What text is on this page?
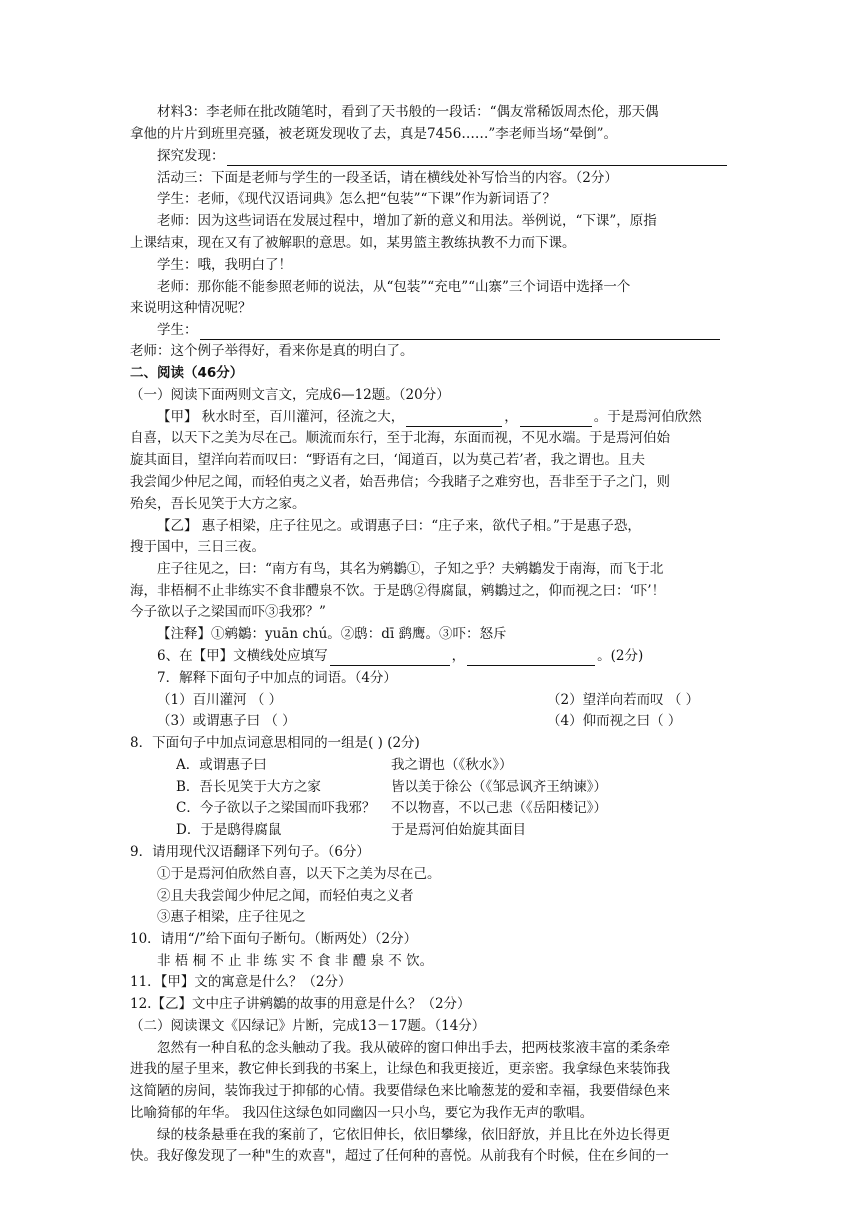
材料3：李老师在批改随笔时，看到了天书般的一段话：“偶友常稀饭周杰伦，那天偶
拿他的片片到班里亮骚，被老斑发现收了去，真是7456……”李老师当场“晕倒”。
探究发现：
活动三：下面是老师与学生的一段圣话，请在横线处补写恰当的内容。（2分）
学生：老师，《现代汉语词典》怎么把“包装”“下课”作为新词语了？
老师：因为这些词语在发展过程中，增加了新的意义和用法。举例说，“下课”，原指
上课结束，现在又有了被解职的意思。如，某男篮主教练执教不力而下课。
学生：哦，我明白了！
老师：那你能不能参照老师的说法，从“包装”“充电”“山寨”三个词语中选择一个
来说明这种情况呢？
学生：
老师：这个例子举得好，看来你是真的明白了。
二、阅读（46分）
（一）阅读下面两则文言文，完成6—12题。（20分）
【甲】 秋水时至，百川灌河，径流之大，	，	。于是焉河伯欣然
自喜，以天下之美为尽在己。顺流而东行，至于北海，东面而视，不见水端。于是焉河伯始
旋其面目，望洋向若而叹曰：“野语有之曰，‘闻道百，以为莫己若’者，我之谓也。且夫
我尝闻少仲尼之闻，而轻伯夷之义者，始吾弗信；今我睹子之难穷也，吾非至于子之门，则
殆矣，吾长见笑于大方之家。
【乙】 惠子相梁，庄子往见之。或谓惠子曰：“庄子来，欲代子相。”于是惠子恐，
搜于国中，三日三夜。
庄子往见之，曰：“南方有鸟，其名为鹓鶵①，子知之乎？夫鹓鶵发于南海，而飞于北
海，非梧桐不止非练实不食非醴泉不饮。于是鸱②得腐鼠，鹓鶵过之，仰而视之曰：‘吓’！
今子欲以子之梁国而吓③我邪？”
【注释】①鹓鶵：yuān chú。②鸱：dī 鹞鹰。③吓：怒斥
6、在【甲】文横线处应填写	，	。(2分)
7．解释下面句子中加点的词语。（4分）
（1）百川灌河 （ ）	（2）望洋向若而叹 （ ）
（3）或谓惠子曰 （ ）	（4）仰而视之曰（ ）
8．下面句子中加点词意思相同的一组是( ) (2分)
A．或谓惠子曰	我之谓也（《秋水》）
B．吾长见笑于大方之家	皆以美于徐公（《邹忌讽齐王纳谏》）
C．今子欲以子之梁国而吓我邪？ 不以物喜，不以己悲（《岳阳楼记》）
D．于是鸱得腐鼠	于是焉河伯始旋其面目
9．请用现代汉语翻译下列句子。（6分）
①于是焉河伯欣然自喜，以天下之美为尽在己。
②且夫我尝闻少仲尼之闻，而轻伯夷之义者
③惠子相梁，庄子往见之
10．请用“/”给下面句子断句。（断两处）（2分）
非 梧 桐 不 止 非 练 实 不 食 非 醴 泉 不 饮。
11．【甲】文的寓意是什么？（2分）
12.【乙】文中庄子讲鹓鶵的故事的用意是什么？（2分）
（二）阅读课文《囚绿记》片断，完成13－17题。（14分）
忽然有一种自私的念头触动了我。我从破碎的窗口伸出手去，把两枝浆液丰富的柔条牵
进我的屋子里来，教它伸长到我的书案上，让绿色和我更接近，更亲密。我拿绿色来装饰我
这简陋的房间，装饰我过于抑郁的心情。我要借绿色来比喻葱茏的爱和幸福，我要借绿色来
比喻猗郁的年华。 我囚住这绿色如同幽囚一只小鸟，要它为我作无声的歌唱。
绿的枝条悬垂在我的案前了，它依旧伸长，依旧攀缘，依旧舒放，并且比在外边长得更
快。我好像发现了一种"生的欢喜"，超过了任何种的喜悦。从前我有个时候，住在乡间的一
